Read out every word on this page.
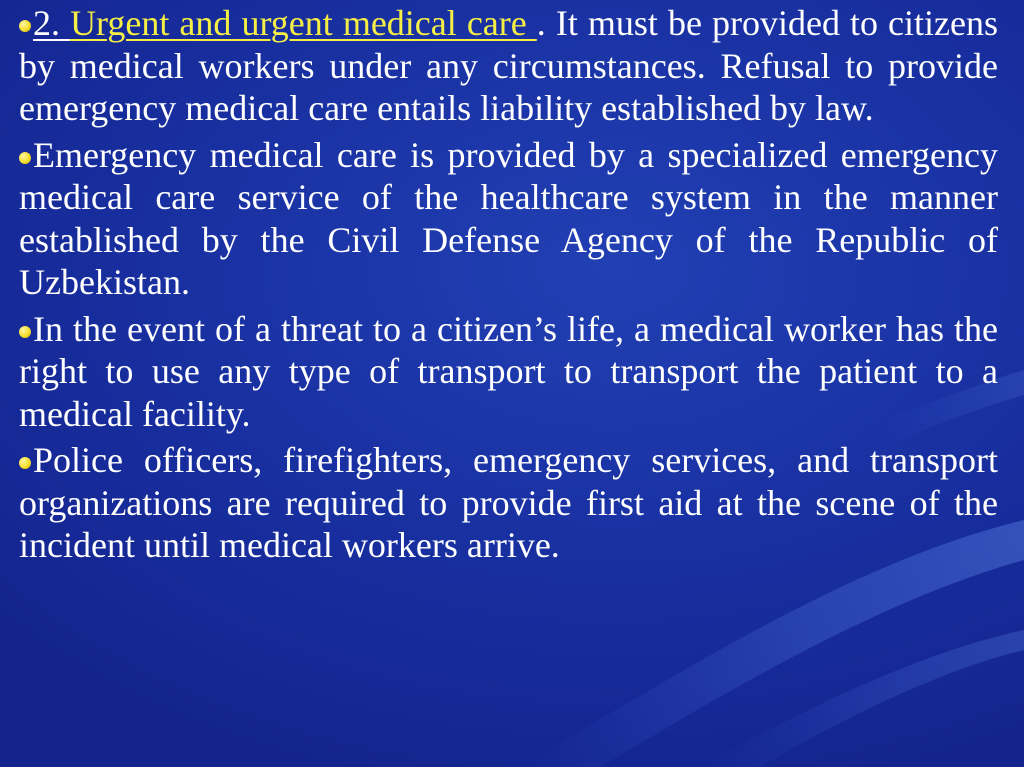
2. Urgent and urgent medical care . It must be provided to citizens by medical workers under any circumstances. Refusal to provide emergency medical care entails liability established by law.

Emergency medical care is provided by a specialized emergency medical care service of the healthcare system in the manner established by the Civil Defense Agency of the Republic of Uzbekistan.

In the event of a threat to a citizen’s life, a medical worker has the right to use any type of transport to transport the patient to a medical facility.

Police officers, firefighters, emergency services, and transport organizations are required to provide first aid at the scene of the incident until medical workers arrive.
